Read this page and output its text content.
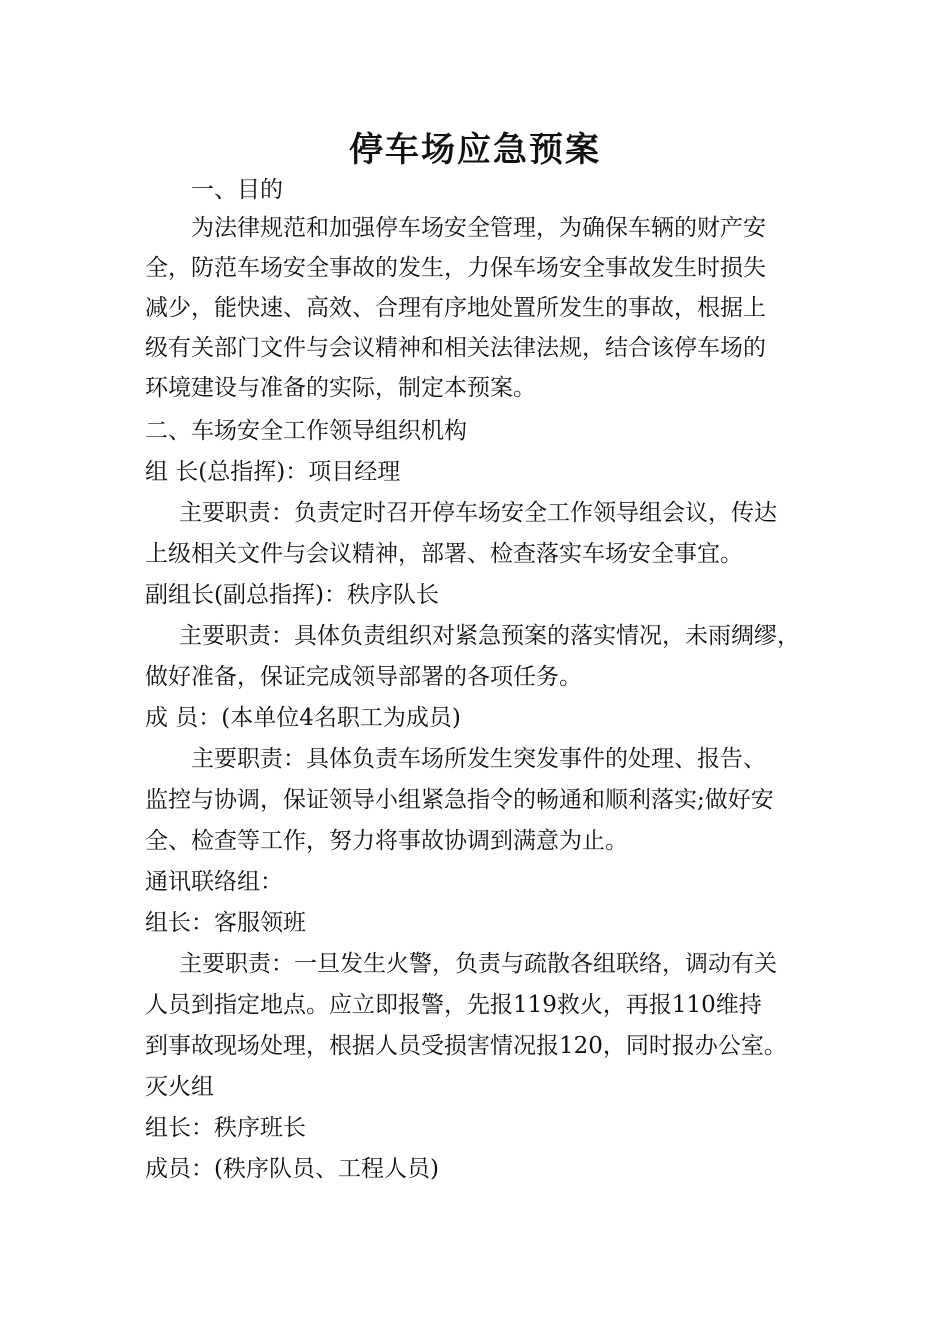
停车场应急预案
一、目的
为法律规范和加强停车场安全管理，为确保车辆的财产安
全，防范车场安全事故的发生，力保车场安全事故发生时损失
减少，能快速、高效、合理有序地处置所发生的事故，根据上
级有关部门文件与会议精神和相关法律法规，结合该停车场的
环境建设与准备的实际，制定本预案。
二、车场安全工作领导组织机构
组 长(总指挥)：项目经理
主要职责：负责定时召开停车场安全工作领导组会议，传达
上级相关文件与会议精神，部署、检查落实车场安全事宜。
副组长(副总指挥)：秩序队长
主要职责：具体负责组织对紧急预案的落实情况，未雨绸缪，
做好准备，保证完成领导部署的各项任务。
成 员：(本单位4名职工为成员)
主要职责：具体负责车场所发生突发事件的处理、报告、
监控与协调，保证领导小组紧急指令的畅通和顺利落实;做好安
全、检查等工作，努力将事故协调到满意为止。
通讯联络组：
组长：客服领班
主要职责：一旦发生火警，负责与疏散各组联络，调动有关
人员到指定地点。应立即报警，先报119救火，再报110维持
到事故现场处理，根据人员受损害情况报120，同时报办公室。
灭火组
组长：秩序班长
成员：(秩序队员、工程人员)
